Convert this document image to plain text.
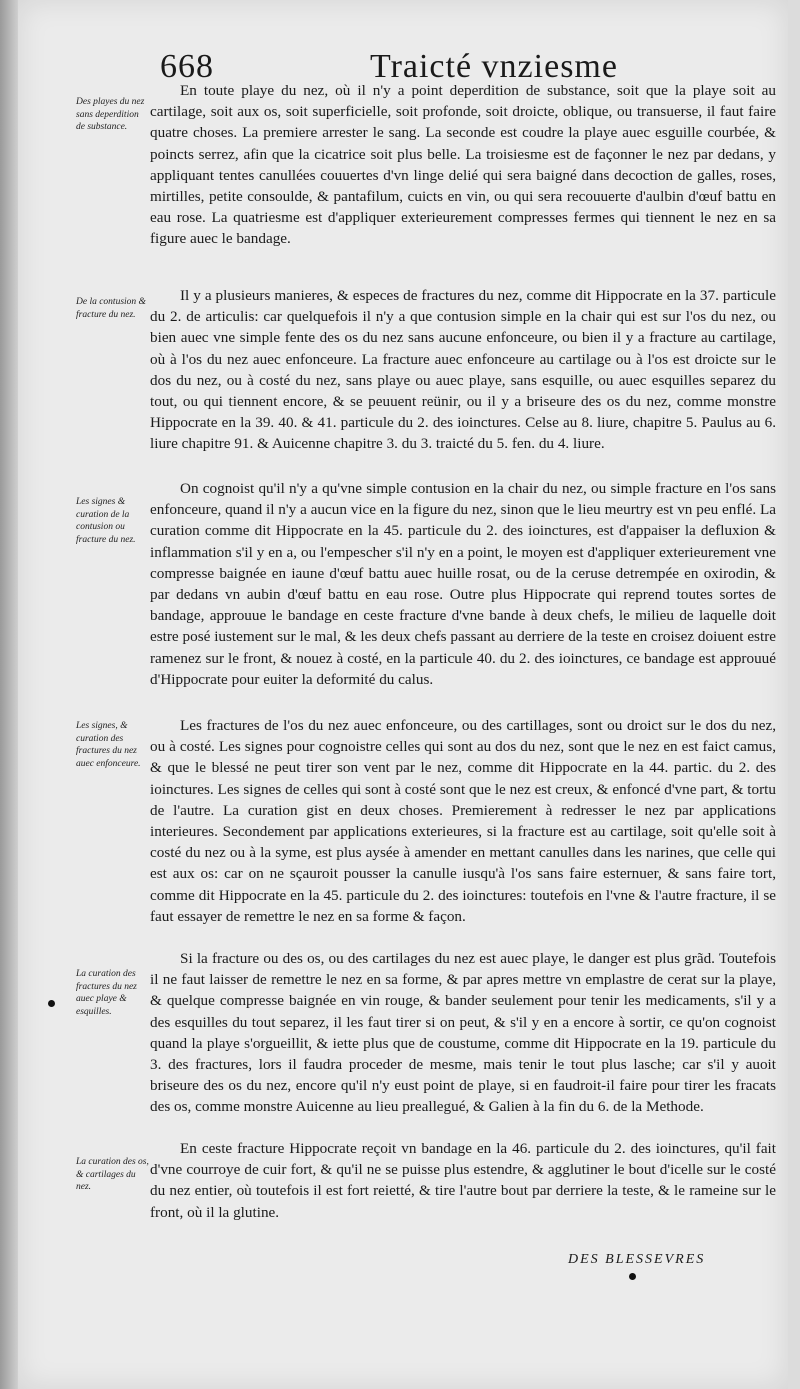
668	Traicté vnziesme
Des playes du nez sans deperdition de substance.
De la contusion & fracture du nez.
Les signes & curation de la contusion ou fracture du nez.
Les signes, & curation des fractures du nez auec enfonceure.
La curation des fractures du nez auec playe & esquilles.
La curation des os, & cartilages du nez.

En toute playe du nez, où il n'y a point deperdition de substance, soit que la playe soit au cartilage, soit aux os, soit superficielle, soit profonde, soit droicte, oblique, ou transuerse, il faut faire quatre choses. La premiere arrester le sang. La seconde est coudre la playe auec esguille courbée, & poincts serrez, afin que la cicatrice soit plus belle. La troisiesme est de façonner le nez par dedans, y appliquant tentes canullées couuertes d'vn linge delié qui sera baigné dans decoction de galles, roses, mirtilles, petite consoulde, & pantafilum, cuicts en vin, ou qui sera recouuerte d'aulbin d'œuf battu en eau rose. La quatriesme est d'appliquer exterieurement compresses fermes qui tiennent le nez en sa figure auec le bandage.

Il y a plusieurs manieres, & especes de fractures du nez, comme dit Hippocrate en la 37. particule du 2. de articulis: car quelquefois il n'y a que contusion simple en la chair qui est sur l'os du nez, ou bien auec vne simple fente des os du nez sans aucune enfonceure, ou bien il y a fracture au cartilage, où à l'os du nez auec enfonceure. La fracture auec enfonceure au cartilage ou à l'os est droicte sur le dos du nez, ou à costé du nez, sans playe ou auec playe, sans esquille, ou auec esquilles separez du tout, ou qui tiennent encore, & se peuuent reünir, ou il y a briseure des os du nez, comme monstre Hippocrate en la 39. 40. & 41. particule du 2. des ioinctures. Celse au 8. liure, chapitre 5. Paulus au 6. liure chapitre 91. & Auicenne chapitre 3. du 3. traicté du 5. fen. du 4. liure.

On cognoist qu'il n'y a qu'vne simple contusion en la chair du nez, ou simple fracture en l'os sans enfonceure, quand il n'y a aucun vice en la figure du nez, sinon que le lieu meurtry est vn peu enflé. La curation comme dit Hippocrate en la 45. particule du 2. des ioinctures, est d'appaiser la defluxion & inflammation s'il y en a, ou l'empescher s'il n'y en a point, le moyen est d'appliquer exterieurement vne compresse baignée en iaune d'œuf battu auec huille rosat, ou de la ceruse detrempée en oxirodin, & par dedans vn aubin d'œuf battu en eau rose. Outre plus Hippocrate qui reprend toutes sortes de bandage, approuue le bandage en ceste fracture d'vne bande à deux chefs, le milieu de laquelle doit estre posé iustement sur le mal, & les deux chefs passant au derriere de la teste en croisez doiuent estre ramenez sur le front, & nouez à costé, en la particule 40. du 2. des ioinctures, ce bandage est approuué d'Hippocrate pour euiter la deformité du calus.

Les fractures de l'os du nez auec enfonceure, ou des cartillages, sont ou droict sur le dos du nez, ou à costé. Les signes pour cognoistre celles qui sont au dos du nez, sont que le nez en est faict camus, & que le blessé ne peut tirer son vent par le nez, comme dit Hippocrate en la 44. partic. du 2. des ioinctures. Les signes de celles qui sont à costé sont que le nez est creux, & enfoncé d'vne part, & tortu de l'autre. La curation gist en deux choses. Premierement à redresser le nez par applications interieures. Secondement par applications exterieures, si la fracture est au cartilage, soit qu'elle soit à costé du nez ou à la syme, est plus aysée à amender en mettant canulles dans les narines, que celle qui est aux os: car on ne sçauroit pousser la canulle iusqu'à l'os sans faire esternuer, & sans faire tort, comme dit Hippocrate en la 45. particule du 2. des ioinctures: toutefois en l'vne & l'autre fracture, il se faut essayer de remettre le nez en sa forme & façon.

Si la fracture ou des os, ou des cartilages du nez est auec playe, le danger est plus grãd. Toutefois il ne faut laisser de remettre le nez en sa forme, & par apres mettre vn emplastre de cerat sur la playe, & quelque compresse baignée en vin rouge, & bander seulement pour tenir les medicaments, s'il y a des esquilles du tout separez, il les faut tirer si on peut, & s'il y en a encore à sortir, ce qu'on cognoist quand la playe s'orgueillit, & iette plus que de coustume, comme dit Hippocrate en la 19. particule du 3. des fractures, lors il faudra proceder de mesme, mais tenir le tout plus lasche; car s'il y auoit briseure des os du nez, encore qu'il n'y eust point de playe, si en faudroit-il faire pour tirer les fracats des os, comme monstre Auicenne au lieu preallegué, & Galien à la fin du 6. de la Methode.

En ceste fracture Hippocrate reçoit vn bandage en la 46. particule du 2. des ioinctures, qu'il fait d'vne courroye de cuir fort, & qu'il ne se puisse plus estendre, & agglutiner le bout d'icelle sur le costé du nez entier, où toutefois il est fort reietté, & tire l'autre bout par derriere la teste, & le rameine sur le front, où il la glutine.

DES BLESSEVRES
